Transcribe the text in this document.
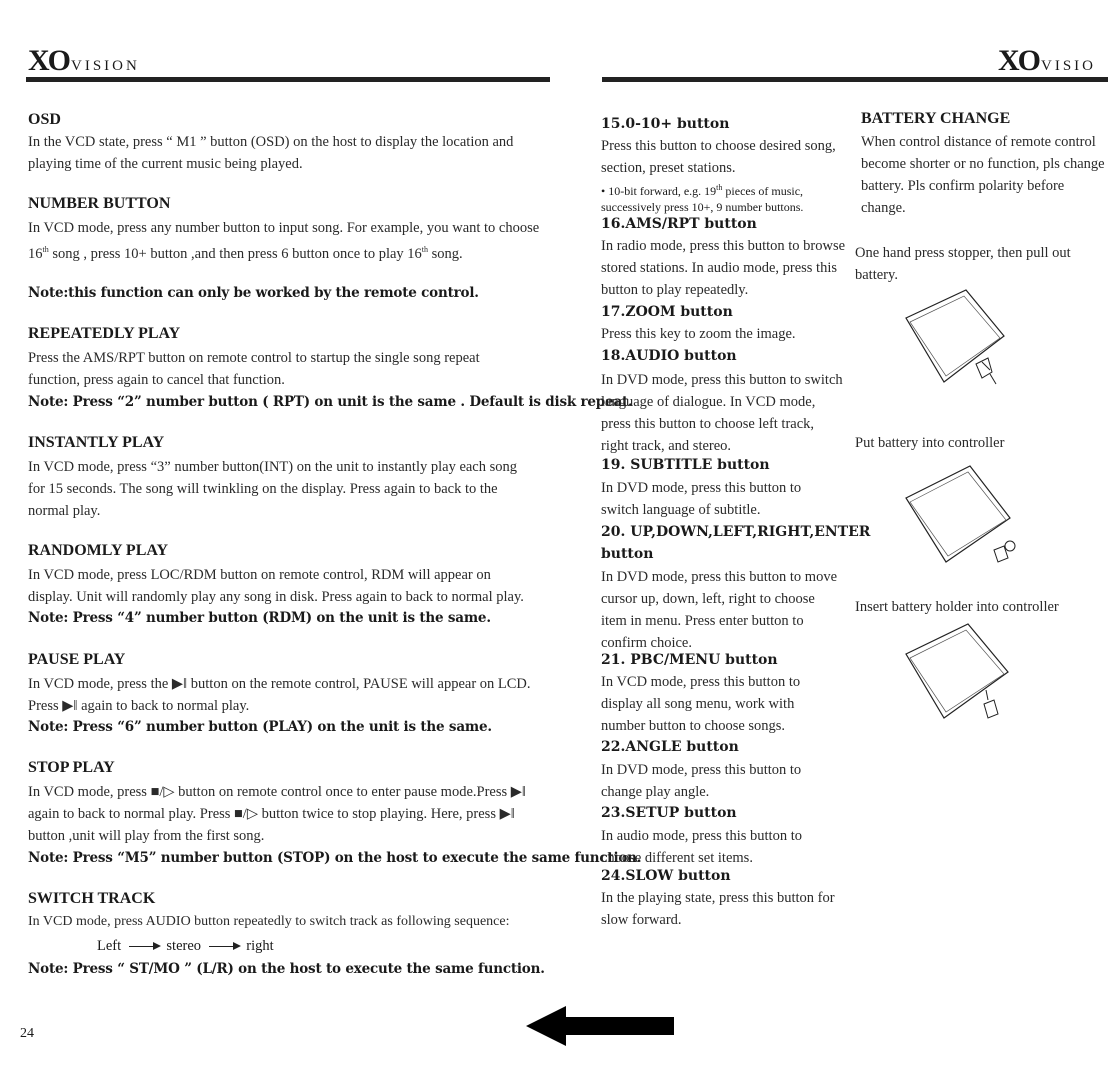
XO VISION	XO VISIO
OSD

In the VCD state, press “ M1 ” button (OSD) on the host to display the location and playing time of the current music being played.

NUMBER BUTTON

In VCD mode, press any number button to input song. For example, you want to choose 16th song , press 10+ button ,and then press 6 button once to play 16th song.

Note:this function can only be worked by the remote control.

REPEATEDLY PLAY

Press the AMS/RPT button on remote control to startup the single song repeat function, press again to cancel that function.

Note: Press “2” number button ( RPT) on unit is the same . Default is disk repeat.

INSTANTLY PLAY

In VCD mode, press “3” number button(INT) on the unit to instantly play each song for 15 seconds. The song will twinkling on the display. Press again to back to the normal play.

RANDOMLY PLAY

In VCD mode, press LOC/RDM button on remote control, RDM will appear on display. Unit will randomly play any song in disk. Press again to back to normal play.

Note: Press “4” number button (RDM) on the unit is the same.

PAUSE PLAY

In VCD mode, press the ▶‖ button on the remote control, PAUSE will appear on LCD. Press ▶‖ again to back to normal play.

Note: Press “6” number button (PLAY) on the unit is the same.

STOP PLAY

In VCD mode, press ■/▷ button on remote control once to enter pause mode.Press ▶‖ again to back to normal play. Press ■/▷ button twice to stop playing. Here, press ▶‖ button ,unit will play from the first song.

Note: Press “M5” number button (STOP) on the host to execute the same function.

SWITCH TRACK

In VCD mode, press AUDIO button repeatedly to switch track as following sequence:

Left	stereo	right

Note: Press “ ST/MO ” (L/R) on the host to execute the same function.

15.0-10+ button

Press this button to choose desired song, section, preset stations.

• 10-bit forward, e.g. 19th pieces of music, successively press 10+, 9 number buttons.

16.AMS/RPT button

In radio mode, press this button to browse stored stations. In audio mode, press this button to play repeatedly.

17.ZOOM button

Press this key to zoom the image.

18.AUDIO button

In DVD mode, press this button to switch language of dialogue. In VCD mode, press this button to choose left track, right track, and stereo.

19. SUBTITLE button

In DVD mode, press this button to switch language of subtitle.

20. UP,DOWN,LEFT,RIGHT,ENTER
button

In DVD mode, press this button to move cursor up, down, left, right to choose item in menu. Press enter button to confirm choice.

21. PBC/MENU button

In VCD mode, press this button to display all song menu, work with number button to choose songs.

22.ANGLE button

In DVD mode, press this button to change play angle.

23.SETUP button

In audio mode, press this button to choose different set items.

24.SLOW button

In the playing state, press this button for slow forward.

BATTERY CHANGE

When control distance of remote control become shorter or no function, pls change battery. Pls confirm polarity before change.

One hand press stopper, then pull out battery.

Put battery into controller

Insert battery holder into controller

24
